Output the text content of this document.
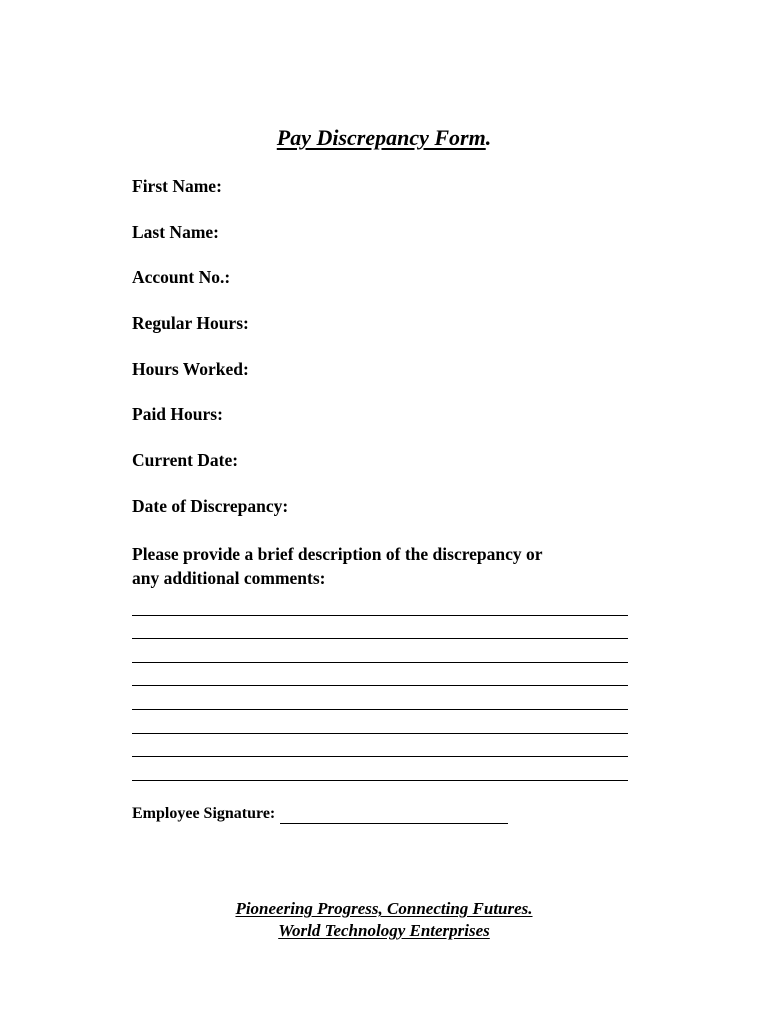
Pay Discrepancy Form.
First Name:
Last Name:
Account No.:
Regular Hours:
Hours Worked:
Paid Hours:
Current Date:
Date of Discrepancy:
Please provide a brief description of the discrepancy or
any additional comments:
Employee Signature:
Pioneering Progress, Connecting Futures.
World Technology Enterprises
